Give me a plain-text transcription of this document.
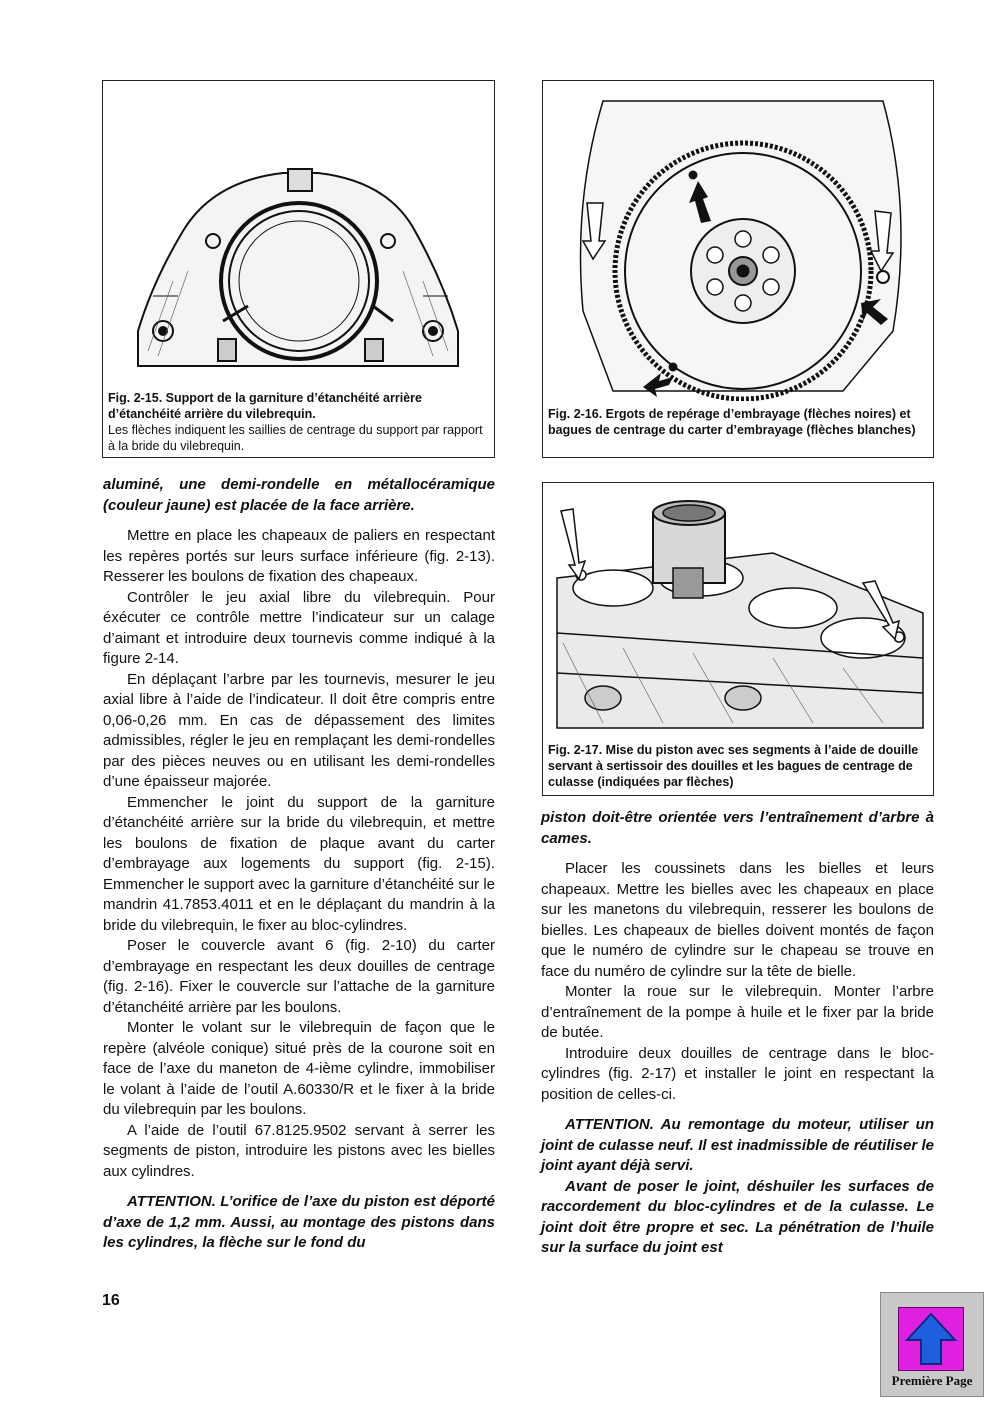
Fig. 2-15. Support de la garniture d’étanchéité arrière d’étanchéité arrière du vilebrequin.
Les flèches indiquent les saillies de centrage du support par rapport à la bride du vilebrequin.
Fig. 2-16. Ergots de repérage d’embrayage (flèches noires) et bagues de centrage du carter d’embrayage (flèches blanches)
Fig. 2-17. Mise du piston avec ses segments à l’aide de douille servant à sertissoir des douilles et les bagues de centrage de culasse (indiquées par flèches)

aluminé, une demi-rondelle en métallocéramique (couleur jaune) est placée de la face arrière.

Mettre en place les chapeaux de paliers en respectant les repères portés sur leurs surface inférieure (fig. 2-13). Resserer les boulons de fixation des chapeaux.

Contrôler le jeu axial libre du vilebrequin. Pour éxécuter ce contrôle mettre l’indicateur sur un calage d’aimant et introduire deux tournevis comme indiqué à la figure 2-14.

En déplaçant l’arbre par les tournevis, mesurer le jeu axial libre à l’aide de l’indicateur. Il doit être compris entre 0,06-0,26 mm. En cas de dépassement des limites admissibles, régler le jeu en remplaçant les demi-rondelles par des pièces neuves ou en utilisant les demi-rondelles d’une épaisseur majorée.

Emmencher le joint du support de la garniture d’étanchéité arrière sur la bride du vilebrequin, et mettre les boulons de fixation de plaque avant du carter d’embrayage aux logements du support (fig. 2-15). Emmencher le support avec la garniture d’étanchéité sur le mandrin 41.7853.4011 et en le déplaçant du mandrin à la bride du vilebrequin, le fixer au bloc-cylindres.

Poser le couvercle avant 6 (fig. 2-10) du carter d’embrayage en respectant les deux douilles de centrage (fig. 2-16). Fixer le couvercle sur l’attache de la garniture d’étanchéité arrière par les boulons.

Monter le volant sur le vilebrequin de façon que le repère (alvéole conique) situé près de la courone soit en face de l’axe du maneton de 4-ième cylindre, immobiliser le volant à l’aide de l’outil A.60330/R et le fixer à la bride du vilebrequin par les boulons.

A l’aide de l’outil 67.8125.9502 servant à serrer les segments de piston, introduire les pistons avec les bielles aux cylindres.

ATTENTION. L’orifice de l’axe du piston est déporté d’axe de 1,2 mm. Aussi, au montage des pistons dans les cylindres, la flèche sur le fond du

piston doit-être orientée vers l’entraînement d’arbre à cames.

Placer les coussinets dans les bielles et leurs chapeaux. Mettre les bielles avec les chapeaux en place sur les manetons du vilebrequin, resserer les boulons de bielles. Les chapeaux de bielles doivent montés de façon que le numéro de cylindre sur le chapeau se trouve en face du numéro de cylindre sur la tête de bielle.

Monter la roue sur le vilebrequin. Monter l’arbre d’entraînement de la pompe à huile et le fixer par la bride de butée.

Introduire deux douilles de centrage dans le bloc-cylindres (fig. 2-17) et installer le joint en respectant la position de celles-ci.

ATTENTION. Au remontage du moteur, utiliser un joint de culasse neuf. Il est inadmissible de réutiliser le joint ayant déjà servi.

Avant de poser le joint, déshuiler les surfaces de raccordement du bloc-cylindres et de la culasse. Le joint doit être propre et sec. La pénétration de l’huile sur la surface du joint est

16
Première Page
